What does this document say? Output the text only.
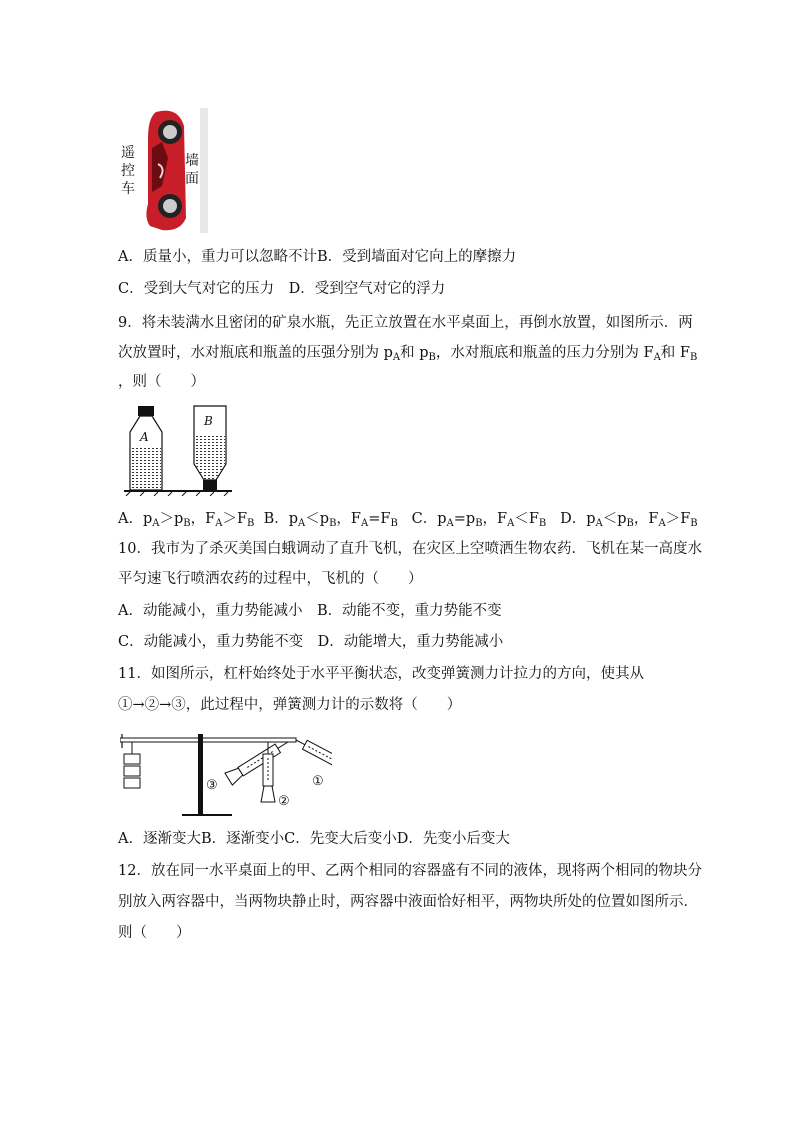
遥控车
墙面
A．质量小，重力可以忽略不计B．受到墙面对它向上的摩擦力
C．受到大气对它的压力　 D．受到空气对它的浮力
9．将未装满水且密闭的矿泉水瓶，先正立放置在水平桌面上，再倒水放置，如图所示．两
次放置时，水对瓶底和瓶盖的压强分别为 $p_A$和 $p_B$，水对瓶底和瓶盖的压力分别为 $F_A$和 $F_B$
，则（　　）
A
B
A．$p_A>p_B$，$F_A>F_B$ B．$p_A<p_B$，$F_A=F_B$ C．$p_A=p_B$，$F_A<F_B$ D．$p_A<p_B$，$F_A>F_B$
10．我市为了杀灭美国白蛾调动了直升飞机，在灾区上空喷洒生物农药．飞机在某一高度水
平匀速飞行喷洒农药的过程中，飞机的（　　）
A．动能减小，重力势能减小　 B．动能不变，重力势能不变
C．动能减小，重力势能不变　 D．动能增大，重力势能减小
11．如图所示，杠杆始终处于水平平衡状态，改变弹簧测力计拉力的方向，使其从
①→②→③，此过程中，弹簧测力计的示数将（　　）
③
②
①
A．逐渐变大B．逐渐变小C．先变大后变小D．先变小后变大
12．放在同一水平桌面上的甲、乙两个相同的容器盛有不同的液体，现将两个相同的物块分
别放入两容器中，当两物块静止时，两容器中液面恰好相平，两物块所处的位置如图所示．
则（　　）
